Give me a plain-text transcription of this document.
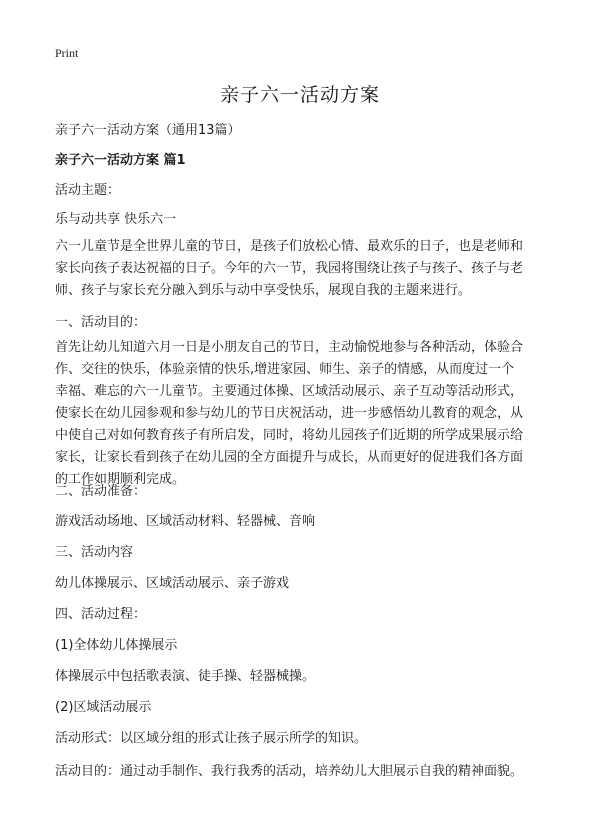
Print
亲子六一活动方案
亲子六一活动方案（通用13篇）
亲子六一活动方案 篇1
活动主题：
乐与动共享 快乐六一
六一儿童节是全世界儿童的节日，是孩子们放松心情、最欢乐的日子，也是老师和
家长向孩子表达祝福的日子。今年的六一节，我园将围绕让孩子与孩子、孩子与老
师、孩子与家长充分融入到乐与动中享受快乐，展现自我的主题来进行。
一、活动目的：
首先让幼儿知道六月一日是小朋友自己的节日，主动愉悦地参与各种活动，体验合
作、交往的快乐，体验亲情的快乐,增进家园、师生、亲子的情感，从而度过一个
幸福、难忘的六一儿童节。主要通过体操、区域活动展示、亲子互动等活动形式，
使家长在幼儿园参观和参与幼儿的节日庆祝活动，进一步感悟幼儿教育的观念，从
中使自己对如何教育孩子有所启发，同时，将幼儿园孩子们近期的所学成果展示给
家长，让家长看到孩子在幼儿园的全方面提升与成长，从而更好的促进我们各方面
的工作如期顺利完成。
二、活动准备：
游戏活动场地、区域活动材料、轻器械、音响
三、活动内容
幼儿体操展示、区域活动展示、亲子游戏
四、活动过程：
(1)全体幼儿体操展示
体操展示中包括歌表演、徒手操、轻器械操。
(2)区域活动展示
活动形式：以区域分组的形式让孩子展示所学的知识。
活动目的：通过动手制作、我行我秀的活动，培养幼儿大胆展示自我的精神面貌。
